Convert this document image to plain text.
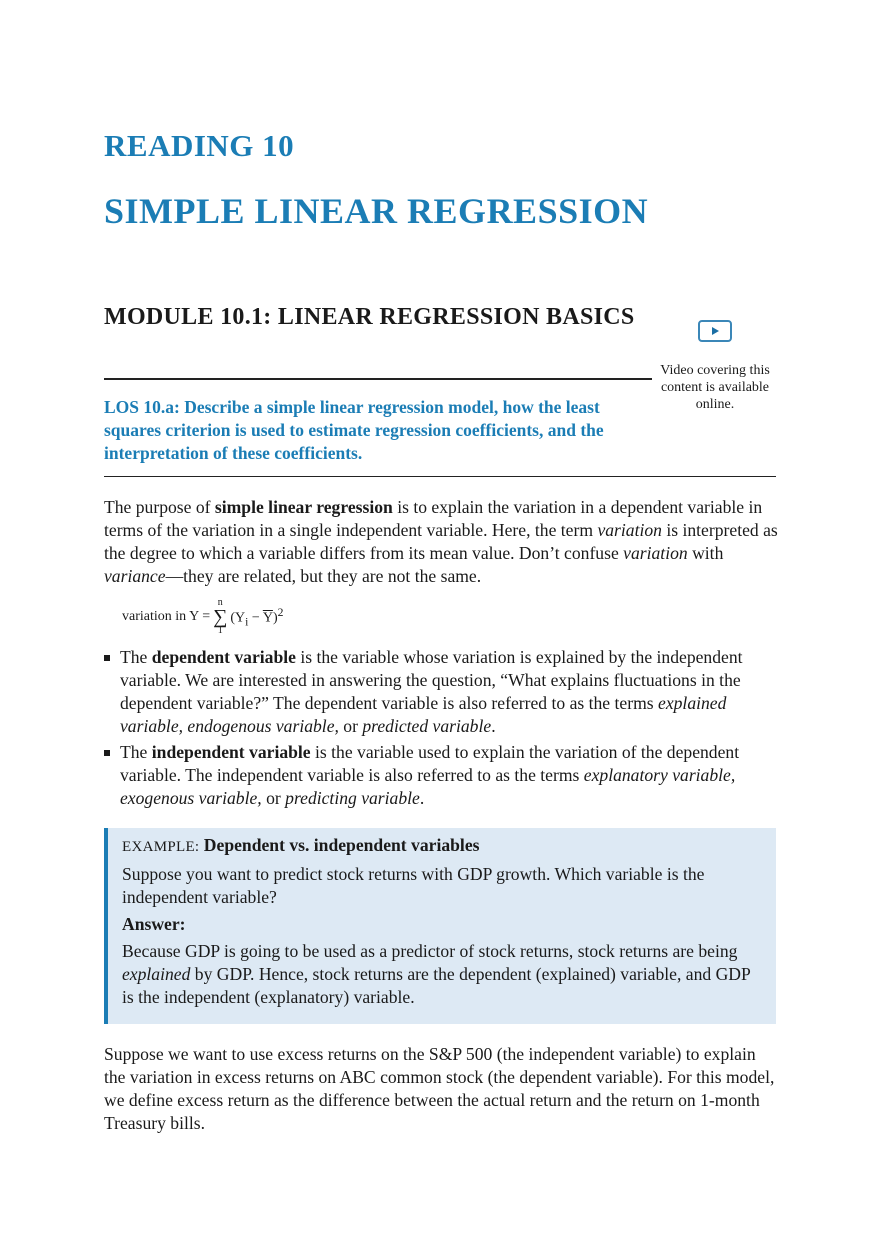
READING 10
SIMPLE LINEAR REGRESSION
MODULE 10.1: LINEAR REGRESSION BASICS
Video covering this content is available online.
LOS 10.a: Describe a simple linear regression model, how the least squares criterion is used to estimate regression coefficients, and the interpretation of these coefficients.
The purpose of simple linear regression is to explain the variation in a dependent variable in terms of the variation in a single independent variable. Here, the term variation is interpreted as the degree to which a variable differs from its mean value. Don’t confuse variation with variance—they are related, but they are not the same.
variation in Y =
n
∑
1
$(Y_i - \overline{Y})^2$
The dependent variable is the variable whose variation is explained by the independent variable. We are interested in answering the question, “What explains fluctuations in the dependent variable?” The dependent variable is also referred to as the terms explained variable, endogenous variable, or predicted variable.
The independent variable is the variable used to explain the variation of the dependent variable. The independent variable is also referred to as the terms explanatory variable, exogenous variable, or predicting variable.
EXAMPLE: Dependent vs. independent variables
Suppose you want to predict stock returns with GDP growth. Which variable is the independent variable?
Answer:
Because GDP is going to be used as a predictor of stock returns, stock returns are being explained by GDP. Hence, stock returns are the dependent (explained) variable, and GDP is the independent (explanatory) variable.
Suppose we want to use excess returns on the S&P 500 (the independent variable) to explain the variation in excess returns on ABC common stock (the dependent variable). For this model, we define excess return as the difference between the actual return and the return on 1-month Treasury bills.
